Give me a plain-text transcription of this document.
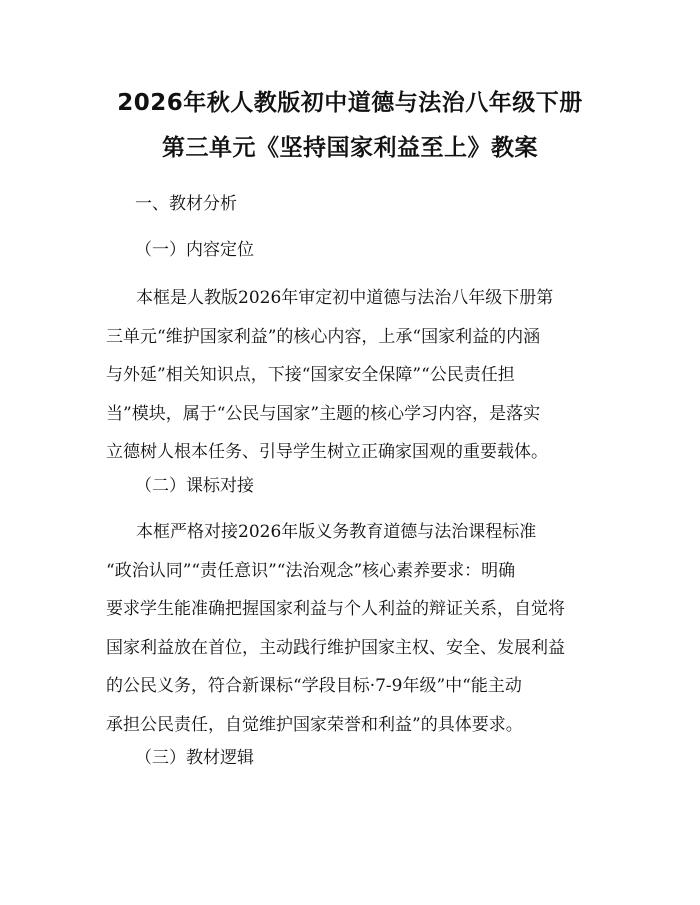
2026年秋人教版初中道德与法治八年级下册
第三单元《坚持国家利益至上》教案
一、教材分析
（一）内容定位
本框是人教版2026年审定初中道德与法治八年级下册第
三单元“维护国家利益”的核心内容，上承“国家利益的内涵
与外延”相关知识点，下接“国家安全保障”“公民责任担
当”模块，属于“公民与国家”主题的核心学习内容，是落实
立德树人根本任务、引导学生树立正确家国观的重要载体。
（二）课标对接
本框严格对接2026年版义务教育道德与法治课程标准
“政治认同”“责任意识”“法治观念”核心素养要求：明确
要求学生能准确把握国家利益与个人利益的辩证关系，自觉将
国家利益放在首位，主动践行维护国家主权、安全、发展利益
的公民义务，符合新课标“学段目标·7-9年级”中“能主动
承担公民责任，自觉维护国家荣誉和利益”的具体要求。
（三）教材逻辑
